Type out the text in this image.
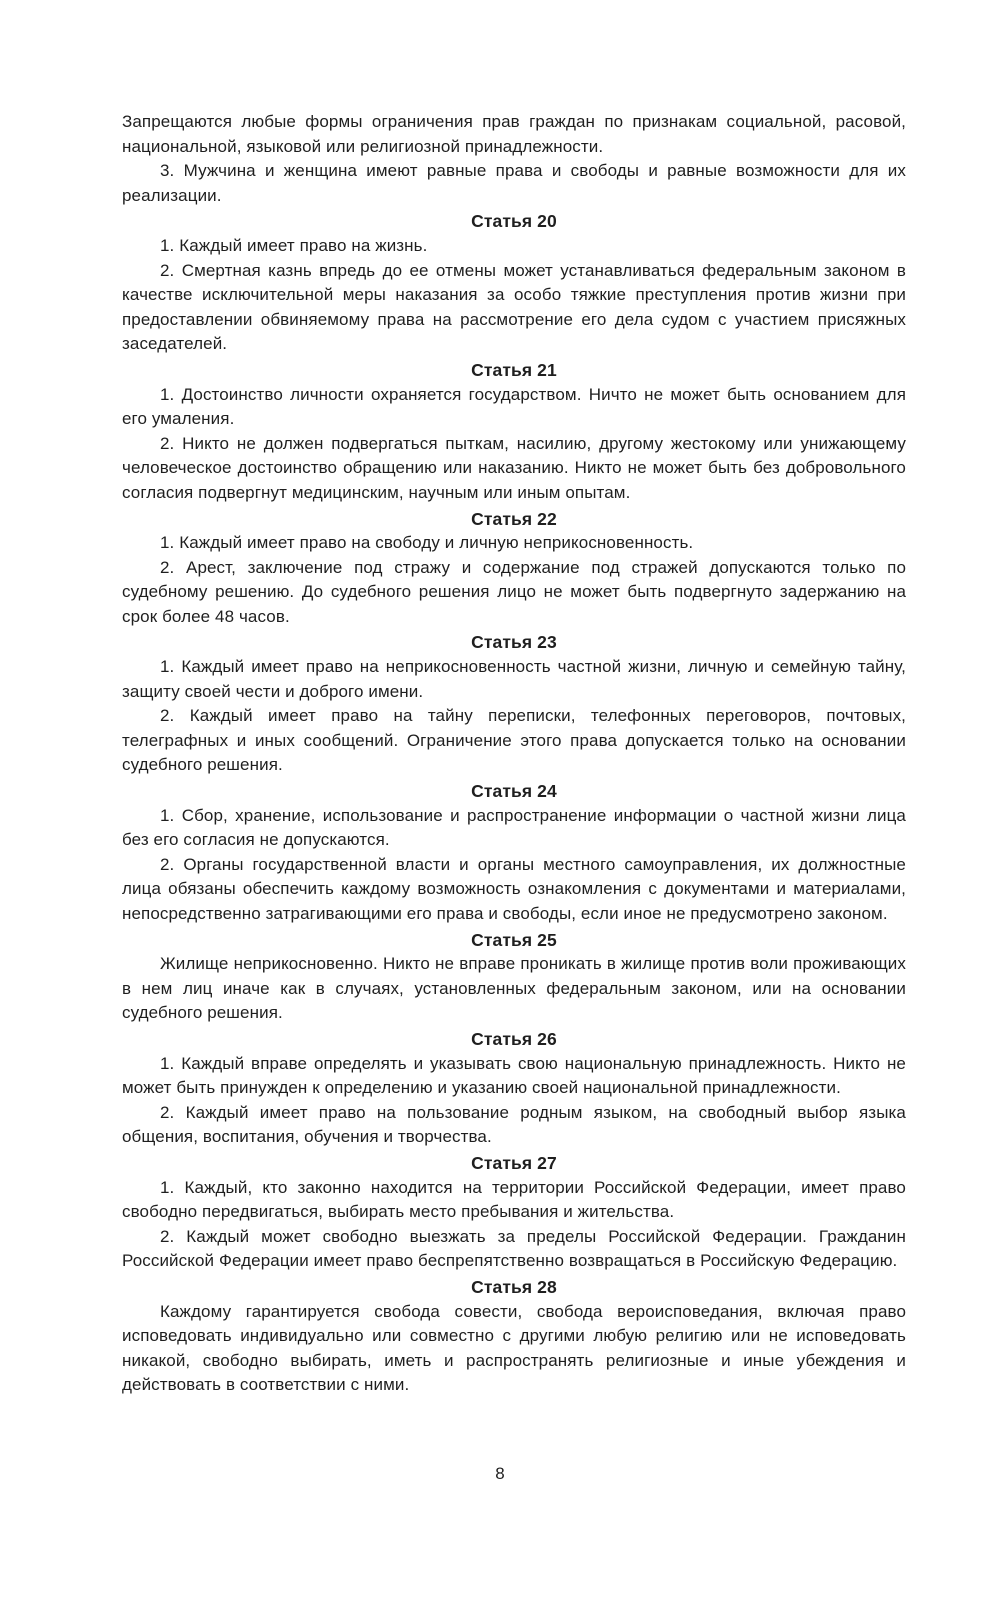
Запрещаются любые формы ограничения прав граждан по признакам социальной, расовой, национальной, языковой или религиозной принадлежности.

3. Мужчина и женщина имеют равные права и свободы и равные возможности для их реализации.

Статья 20

1. Каждый имеет право на жизнь.

2. Смертная казнь впредь до ее отмены может устанавливаться федеральным законом в качестве исключительной меры наказания за особо тяжкие преступления против жизни при предоставлении обвиняемому права на рассмотрение его дела судом с участием присяжных заседателей.

Статья 21

1. Достоинство личности охраняется государством. Ничто не может быть основанием для его умаления.

2. Никто не должен подвергаться пыткам, насилию, другому жестокому или унижающему человеческое достоинство обращению или наказанию. Никто не может быть без добровольного согласия подвергнут медицинским, научным или иным опытам.

Статья 22

1. Каждый имеет право на свободу и личную неприкосновенность.

2. Арест, заключение под стражу и содержание под стражей допускаются только по судебному решению. До судебного решения лицо не может быть подвергнуто задержанию на срок более 48 часов.

Статья 23

1. Каждый имеет право на неприкосновенность частной жизни, личную и семейную тайну, защиту своей чести и доброго имени.

2. Каждый имеет право на тайну переписки, телефонных переговоров, почтовых, телеграфных и иных сообщений. Ограничение этого права допускается только на основании судебного решения.

Статья 24

1. Сбор, хранение, использование и распространение информации о частной жизни лица без его согласия не допускаются.

2. Органы государственной власти и органы местного самоуправления, их должностные лица обязаны обеспечить каждому возможность ознакомления с документами и материалами, непосредственно затрагивающими его права и свободы, если иное не предусмотрено законом.

Статья 25

Жилище неприкосновенно. Никто не вправе проникать в жилище против воли проживающих в нем лиц иначе как в случаях, установленных федеральным законом, или на основании судебного решения.

Статья 26

1. Каждый вправе определять и указывать свою национальную принадлежность. Никто не может быть принужден к определению и указанию своей национальной принадлежности.

2. Каждый имеет право на пользование родным языком, на свободный выбор языка общения, воспитания, обучения и творчества.

Статья 27

1. Каждый, кто законно находится на территории Российской Федерации, имеет право свободно передвигаться, выбирать место пребывания и жительства.

2. Каждый может свободно выезжать за пределы Российской Федерации. Гражданин Российской Федерации имеет право беспрепятственно возвращаться в Российскую Федерацию.

Статья 28

Каждому гарантируется свобода совести, свобода вероисповедания, включая право исповедовать индивидуально или совместно с другими любую религию или не исповедовать никакой, свободно выбирать, иметь и распространять религиозные и иные убеждения и действовать в соответствии с ними.

8
